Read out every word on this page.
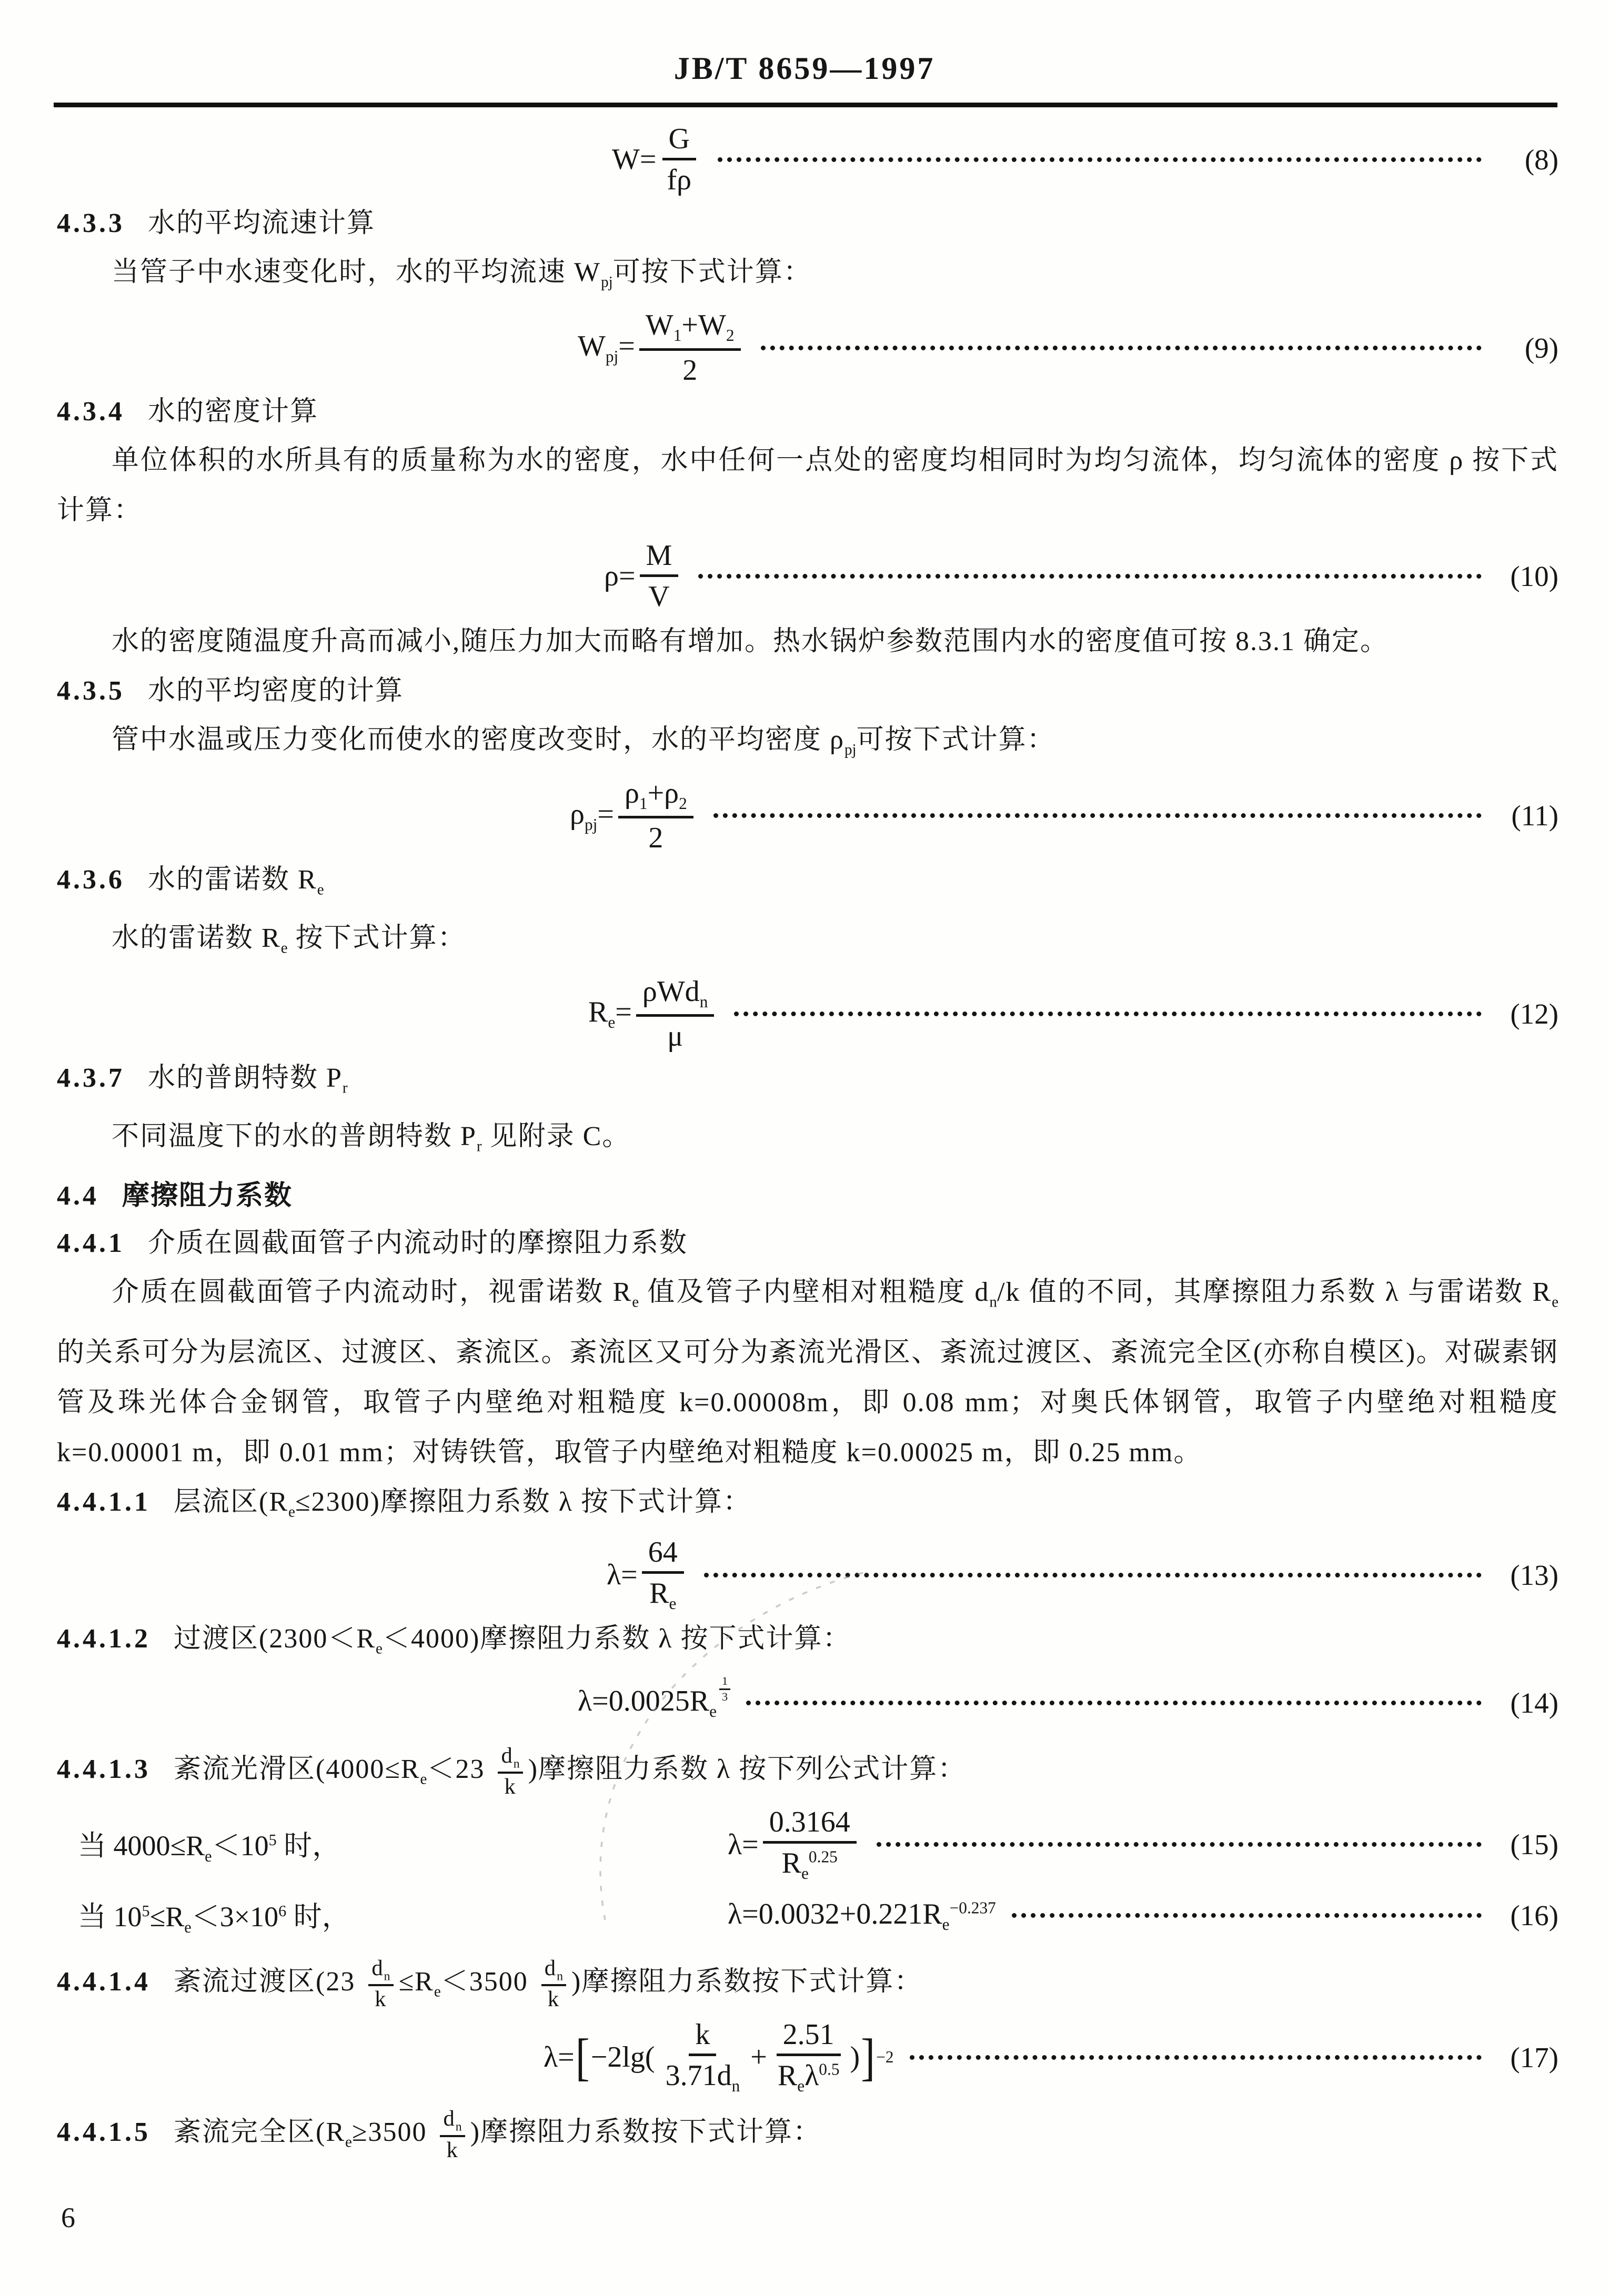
JB/T 8659—1997
$W= \frac{G}{f\rho}$	(8)
4.3.3 水的平均流速计算
当管子中水速变化时，水的平均流速 $W_{pj}$可按下式计算：
$W_{pj}= \frac{W_1+W_2}{2}$	(9)
4.3.4 水的密度计算
单位体积的水所具有的质量称为水的密度，水中任何一点处的密度均相同时为均匀流体，均匀流体的密度 ρ 按下式计算：
$\rho= \frac{M}{V}$	(10)
水的密度随温度升高而减小,随压力加大而略有增加。热水锅炉参数范围内水的密度值可按 8.3.1 确定。
4.3.5 水的平均密度的计算
管中水温或压力变化而使水的密度改变时，水的平均密度 $\rho_{pj}$可按下式计算：
$\rho_{pj}= \frac{\rho_1+\rho_2}{2}$	(11)
4.3.6 水的雷诺数 $R_e$
水的雷诺数 $R_e$ 按下式计算：
$R_e= \frac{\rho Wd_n}{\mu}$	(12)
4.3.7 水的普朗特数 $P_r$
不同温度下的水的普朗特数 $P_r$ 见附录 C。
4.4 摩擦阻力系数
4.4.1 介质在圆截面管子内流动时的摩擦阻力系数
介质在圆截面管子内流动时，视雷诺数 $R_e$ 值及管子内壁相对粗糙度 $d_n/k$ 值的不同，其摩擦阻力系数 λ 与雷诺数 $R_e$ 的关系可分为层流区、过渡区、紊流区。紊流区又可分为紊流光滑区、紊流过渡区、紊流完全区(亦称自模区)。对碳素钢管及珠光体合金钢管，取管子内壁绝对粗糙度 k=0.00008m，即 0.08 mm；对奥氏体钢管，取管子内壁绝对粗糙度 k=0.00001 m，即 0.01 mm；对铸铁管，取管子内壁绝对粗糙度 k=0.00025 m，即 0.25 mm。
4.4.1.1 层流区$(R_e\le 2300)$摩擦阻力系数 λ 按下式计算：
$\lambda= \frac{64}{R_e}$	(13)
4.4.1.2 过渡区$(2300<R_e<4000)$摩擦阻力系数 λ 按下式计算：
$\lambda=0.0025R_e$
$\frac{1}{3}$	(14)
4.4.1.3 紊流光滑区($4000\le R_e<23 \frac{d_n}{k}$ )摩擦阻力系数 λ 按下列公式计算：
当 $4000\le R_e<10^5$ 时，	$\lambda= \frac{0.3164}{R_e^{0.25}}$	(15)
当 $10^5\le R_e<3\times 10^6$ 时，	$\lambda=0.0032+0.221R_e^{-0.237}$	(16)
4.4.1.4 紊流过渡区($23 \frac{d_n}{k} \le R_e<3500 \frac{d_n}{k}$ )摩擦阻力系数按下式计算：
λ= [ $-2\lg( \frac{k}{3.71d_n} + \frac{2.51}{R_e\lambda^{0.5}}$ ) ] −2	(17)
4.4.1.5 紊流完全区($R_e\ge 3500 \frac{d_n}{k}$ )摩擦阻力系数按下式计算：
6
